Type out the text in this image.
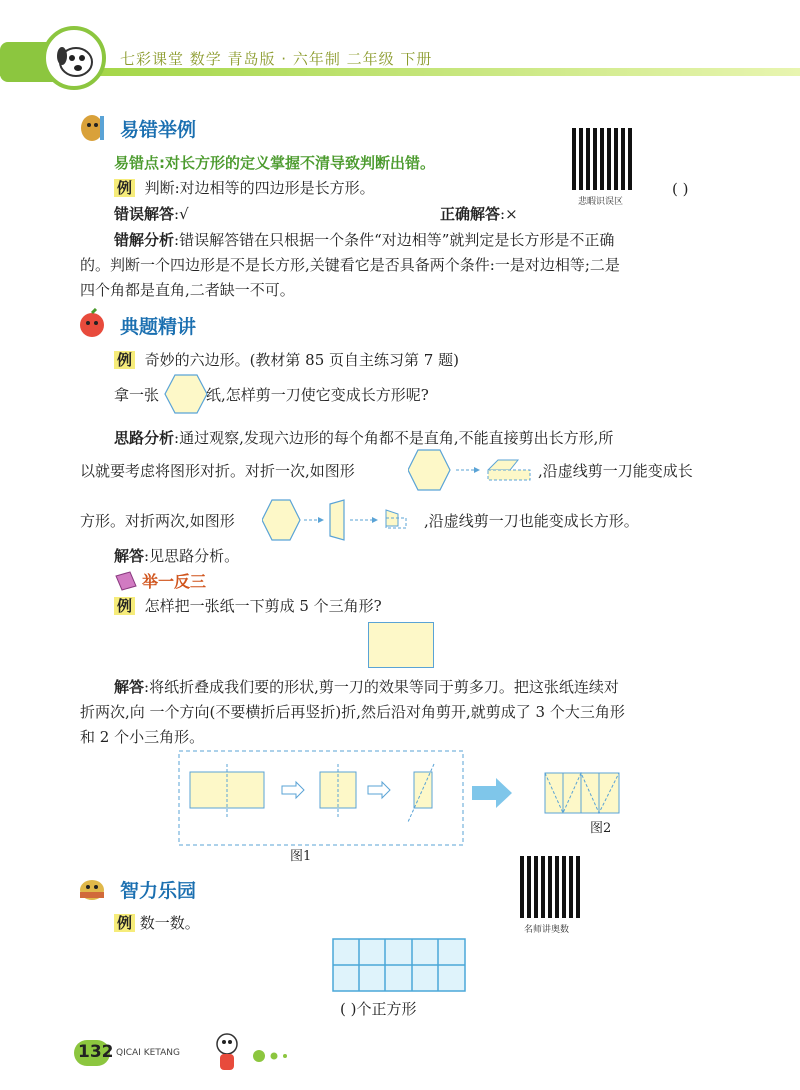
七彩课堂 数学 青岛版 · 六年制 二年级 下册
易错举例
悲暇识误区
易错点:对长方形的定义掌握不清导致判断出错。
例 判断:对边相等的四边形是长方形。	( )
错误解答:√	正确解答:×
错解分析:错误解答错在只根据一个条件“对边相等”就判定是长方形是不正确
的。判断一个四边形是不是长方形,关键看它是否具备两个条件:一是对边相等;二是
四个角都是直角,二者缺一不可。
典题精讲
例 奇妙的六边形。(教材第 85 页自主练习第 7 题)
拿一张	纸,怎样剪一刀使它变成长方形呢?
思路分析:通过观察,发现六边形的每个角都不是直角,不能直接剪出长方形,所
以就要考虑将图形对折。对折一次,如图形	,沿虚线剪一刀能变成长
方形。对折两次,如图形	,沿虚线剪一刀也能变成长方形。
解答:见思路分析。
举一反三
例 怎样把一张纸一下剪成 5 个三角形?
解答:将纸折叠成我们要的形状,剪一刀的效果等同于剪多刀。把这张纸连续对
折两次,向 一个方向(不要横折后再竖折)折,然后沿对角剪开,就剪成了 3 个大三角形
和 2 个小三角形。
图2
图1
智力乐园
名师讲奥数
例 数一数。
( )个正方形
132 QICAI KETANG
